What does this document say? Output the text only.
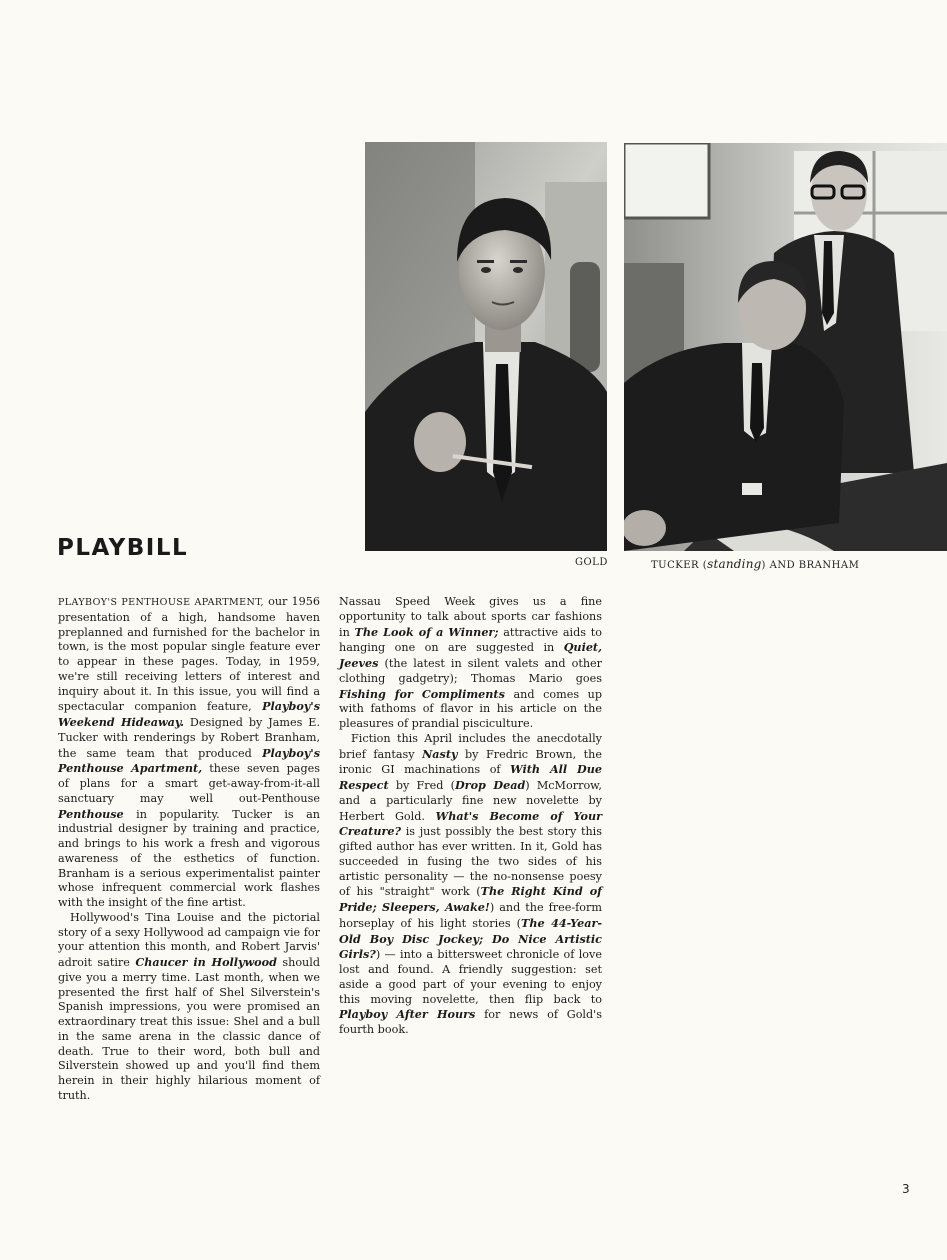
GOLD	TUCKER (standing) AND BRANHAM
PLAYBILL

PLAYBOY'S PENTHOUSE APARTMENT, our 1956 presentation of a high, handsome haven preplanned and furnished for the bachelor in town, is the most popular single feature ever to appear in these pages. Today, in 1959, we're still receiving letters of interest and inquiry about it. In this issue, you will find a spectacular companion feature, Playboy's Weekend Hideaway. Designed by James E. Tucker with renderings by Robert Branham, the same team that produced Playboy's Penthouse Apartment, these seven pages of plans for a smart get-away-from-it-all sanctuary may well out-Penthouse Penthouse in popularity. Tucker is an industrial designer by training and practice, and brings to his work a fresh and vigorous awareness of the esthetics of function. Branham is a serious experimentalist painter whose infrequent commercial work flashes with the insight of the fine artist.

Hollywood's Tina Louise and the pictorial story of a sexy Hollywood ad campaign vie for your attention this month, and Robert Jarvis' adroit satire Chaucer in Hollywood should give you a merry time. Last month, when we presented the first half of Shel Silverstein's Spanish impressions, you were promised an extraordinary treat this issue: Shel and a bull in the same arena in the classic dance of death. True to their word, both bull and Silverstein showed up and you'll find them herein in their highly hilarious moment of truth.

Nassau Speed Week gives us a fine opportunity to talk about sports car fashions in The Look of a Winner; attractive aids to hanging one on are suggested in Quiet, Jeeves (the latest in silent valets and other clothing gadgetry); Thomas Mario goes Fishing for Compliments and comes up with fathoms of flavor in his article on the pleasures of prandial pisciculture.

Fiction this April includes the anecdotally brief fantasy Nasty by Fredric Brown, the ironic GI machinations of With All Due Respect by Fred (Drop Dead) McMorrow, and a particularly fine new novelette by Herbert Gold. What's Become of Your Creature? is just possibly the best story this gifted author has ever written. In it, Gold has succeeded in fusing the two sides of his artistic personality — the no-nonsense poesy of his "straight" work (The Right Kind of Pride; Sleepers, Awake!) and the free-form horseplay of his light stories (The 44-Year-Old Boy Disc Jockey; Do Nice Artistic Girls?) — into a bittersweet chronicle of love lost and found. A friendly suggestion: set aside a good part of your evening to enjoy this moving novelette, then flip back to Playboy After Hours for news of Gold's fourth book.

3
